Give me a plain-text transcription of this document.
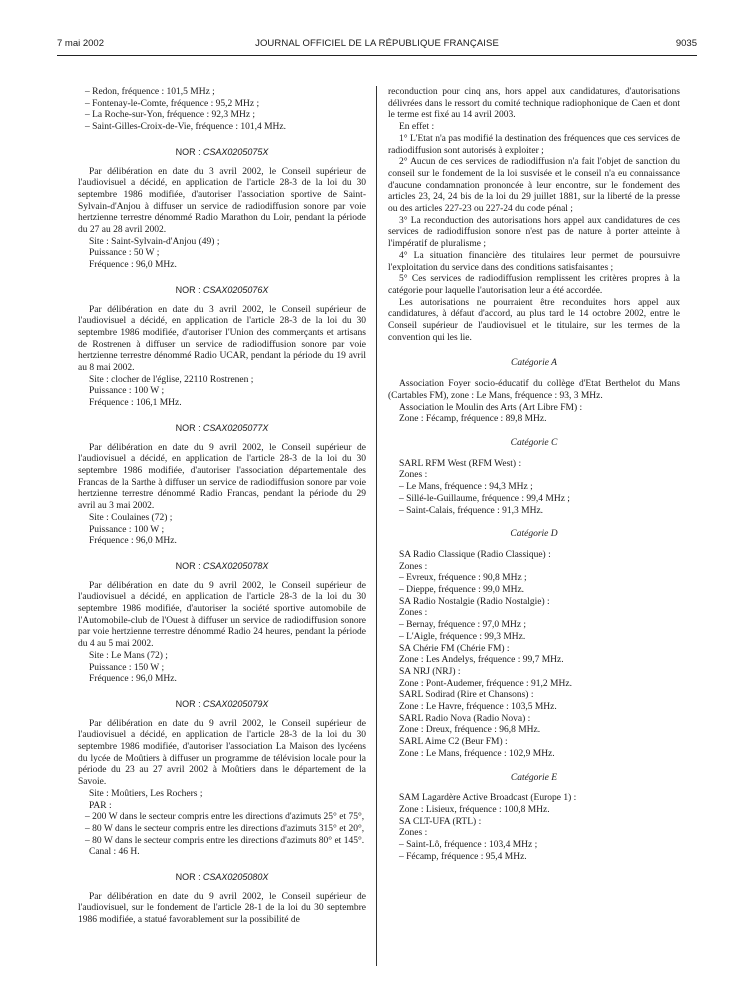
7 mai 2002	JOURNAL OFFICIEL DE LA RÉPUBLIQUE FRANÇAISE	9035

– Redon, fréquence : 101,5 MHz ;

– Fontenay-le-Comte, fréquence : 95,2 MHz ;

– La Roche-sur-Yon, fréquence : 92,3 MHz ;

– Saint-Gilles-Croix-de-Vie, fréquence : 101,4 MHz.

NOR : CSAX0205075X

Par délibération en date du 3 avril 2002, le Conseil supérieur de l'audiovisuel a décidé, en application de l'article 28-3 de la loi du 30 septembre 1986 modifiée, d'autoriser l'association sportive de Saint-Sylvain-d'Anjou à diffuser un service de radiodiffusion sonore par voie hertzienne terrestre dénommé Radio Marathon du Loir, pendant la période du 27 au 28 avril 2002.

Site : Saint-Sylvain-d'Anjou (49) ;

Puissance : 50 W ;

Fréquence : 96,0 MHz.

NOR : CSAX0205076X

Par délibération en date du 3 avril 2002, le Conseil supérieur de l'audiovisuel a décidé, en application de l'article 28-3 de la loi du 30 septembre 1986 modifiée, d'autoriser l'Union des commerçants et artisans de Rostrenen à diffuser un service de radiodiffusion sonore par voie hertzienne terrestre dénommé Radio UCAR, pendant la période du 19 avril au 8 mai 2002.

Site : clocher de l'église, 22110 Rostrenen ;

Puissance : 100 W ;

Fréquence : 106,1 MHz.

NOR : CSAX0205077X

Par délibération en date du 9 avril 2002, le Conseil supérieur de l'audiovisuel a décidé, en application de l'article 28-3 de la loi du 30 septembre 1986 modifiée, d'autoriser l'association départementale des Francas de la Sarthe à diffuser un service de radiodiffusion sonore par voie hertzienne terrestre dénommé Radio Francas, pendant la période du 29 avril au 3 mai 2002.

Site : Coulaines (72) ;

Puissance : 100 W ;

Fréquence : 96,0 MHz.

NOR : CSAX0205078X

Par délibération en date du 9 avril 2002, le Conseil supérieur de l'audiovisuel a décidé, en application de l'article 28-3 de la loi du 30 septembre 1986 modifiée, d'autoriser la société sportive automobile de l'Automobile-club de l'Ouest à diffuser un service de radiodiffusion sonore par voie hertzienne terrestre dénommé Radio 24 heures, pendant la période du 4 au 5 mai 2002.

Site : Le Mans (72) ;

Puissance : 150 W ;

Fréquence : 96,0 MHz.

NOR : CSAX0205079X

Par délibération en date du 9 avril 2002, le Conseil supérieur de l'audiovisuel a décidé, en application de l'article 28-3 de la loi du 30 septembre 1986 modifiée, d'autoriser l'association La Maison des lycéens du lycée de Moûtiers à diffuser un programme de télévision locale pour la période du 23 au 27 avril 2002 à Moûtiers dans le département de la Savoie.

Site : Moûtiers, Les Rochers ;

PAR :

– 200 W dans le secteur compris entre les directions d'azimuts 25° et 75°,

– 80 W dans le secteur compris entre les directions d'azimuts 315° et 20°,

– 80 W dans le secteur compris entre les directions d'azimuts 80° et 145°.

Canal : 46 H.

NOR : CSAX0205080X

Par délibération en date du 9 avril 2002, le Conseil supérieur de l'audiovisuel, sur le fondement de l'article 28-1 de la loi du 30 septembre 1986 modifiée, a statué favorablement sur la possibilité de

reconduction pour cinq ans, hors appel aux candidatures, d'autorisations délivrées dans le ressort du comité technique radiophonique de Caen et dont le terme est fixé au 14 avril 2003.

En effet :

1° L'Etat n'a pas modifié la destination des fréquences que ces services de radiodiffusion sont autorisés à exploiter ;

2° Aucun de ces services de radiodiffusion n'a fait l'objet de sanction du conseil sur le fondement de la loi susvisée et le conseil n'a eu connaissance d'aucune condamnation prononcée à leur encontre, sur le fondement des articles 23, 24, 24 bis de la loi du 29 juillet 1881, sur la liberté de la presse ou des articles 227-23 ou 227-24 du code pénal ;

3° La reconduction des autorisations hors appel aux candidatures de ces services de radiodiffusion sonore n'est pas de nature à porter atteinte à l'impératif de pluralisme ;

4° La situation financière des titulaires leur permet de poursuivre l'exploitation du service dans des conditions satisfaisantes ;

5° Ces services de radiodiffusion remplissent les critères propres à la catégorie pour laquelle l'autorisation leur a été accordée.

Les autorisations ne pourraient être reconduites hors appel aux candidatures, à défaut d'accord, au plus tard le 14 octobre 2002, entre le Conseil supérieur de l'audiovisuel et le titulaire, sur les termes de la convention qui les lie.

Catégorie A

Association Foyer socio-éducatif du collège d'Etat Berthelot du Mans (Cartables FM), zone : Le Mans, fréquence : 93, 3 MHz.

Association le Moulin des Arts (Art Libre FM) :

Zone : Fécamp, fréquence : 89,8 MHz.

Catégorie C

SARL RFM West (RFM West) :

Zones :

– Le Mans, fréquence : 94,3 MHz ;

– Sillé-le-Guillaume, fréquence : 99,4 MHz ;

– Saint-Calais, fréquence : 91,3 MHz.

Catégorie D

SA Radio Classique (Radio Classique) :

Zones :

– Evreux, fréquence : 90,8 MHz ;

– Dieppe, fréquence : 99,0 MHz.

SA Radio Nostalgie (Radio Nostalgie) :

Zones :

– Bernay, fréquence : 97,0 MHz ;

– L'Aigle, fréquence : 99,3 MHz.

SA Chérie FM (Chérie FM) :

Zone : Les Andelys, fréquence : 99,7 MHz.

SA NRJ (NRJ) :

Zone : Pont-Audemer, fréquence : 91,2 MHz.

SARL Sodirad (Rire et Chansons) :

Zone : Le Havre, fréquence : 103,5 MHz.

SARL Radio Nova (Radio Nova) :

Zone : Dreux, fréquence : 96,8 MHz.

SARL Aime C2 (Beur FM) :

Zone : Le Mans, fréquence : 102,9 MHz.

Catégorie E

SAM Lagardère Active Broadcast (Europe 1) :

Zone : Lisieux, fréquence : 100,8 MHz.

SA CLT-UFA (RTL) :

Zones :

– Saint-Lô, fréquence : 103,4 MHz ;

– Fécamp, fréquence : 95,4 MHz.
